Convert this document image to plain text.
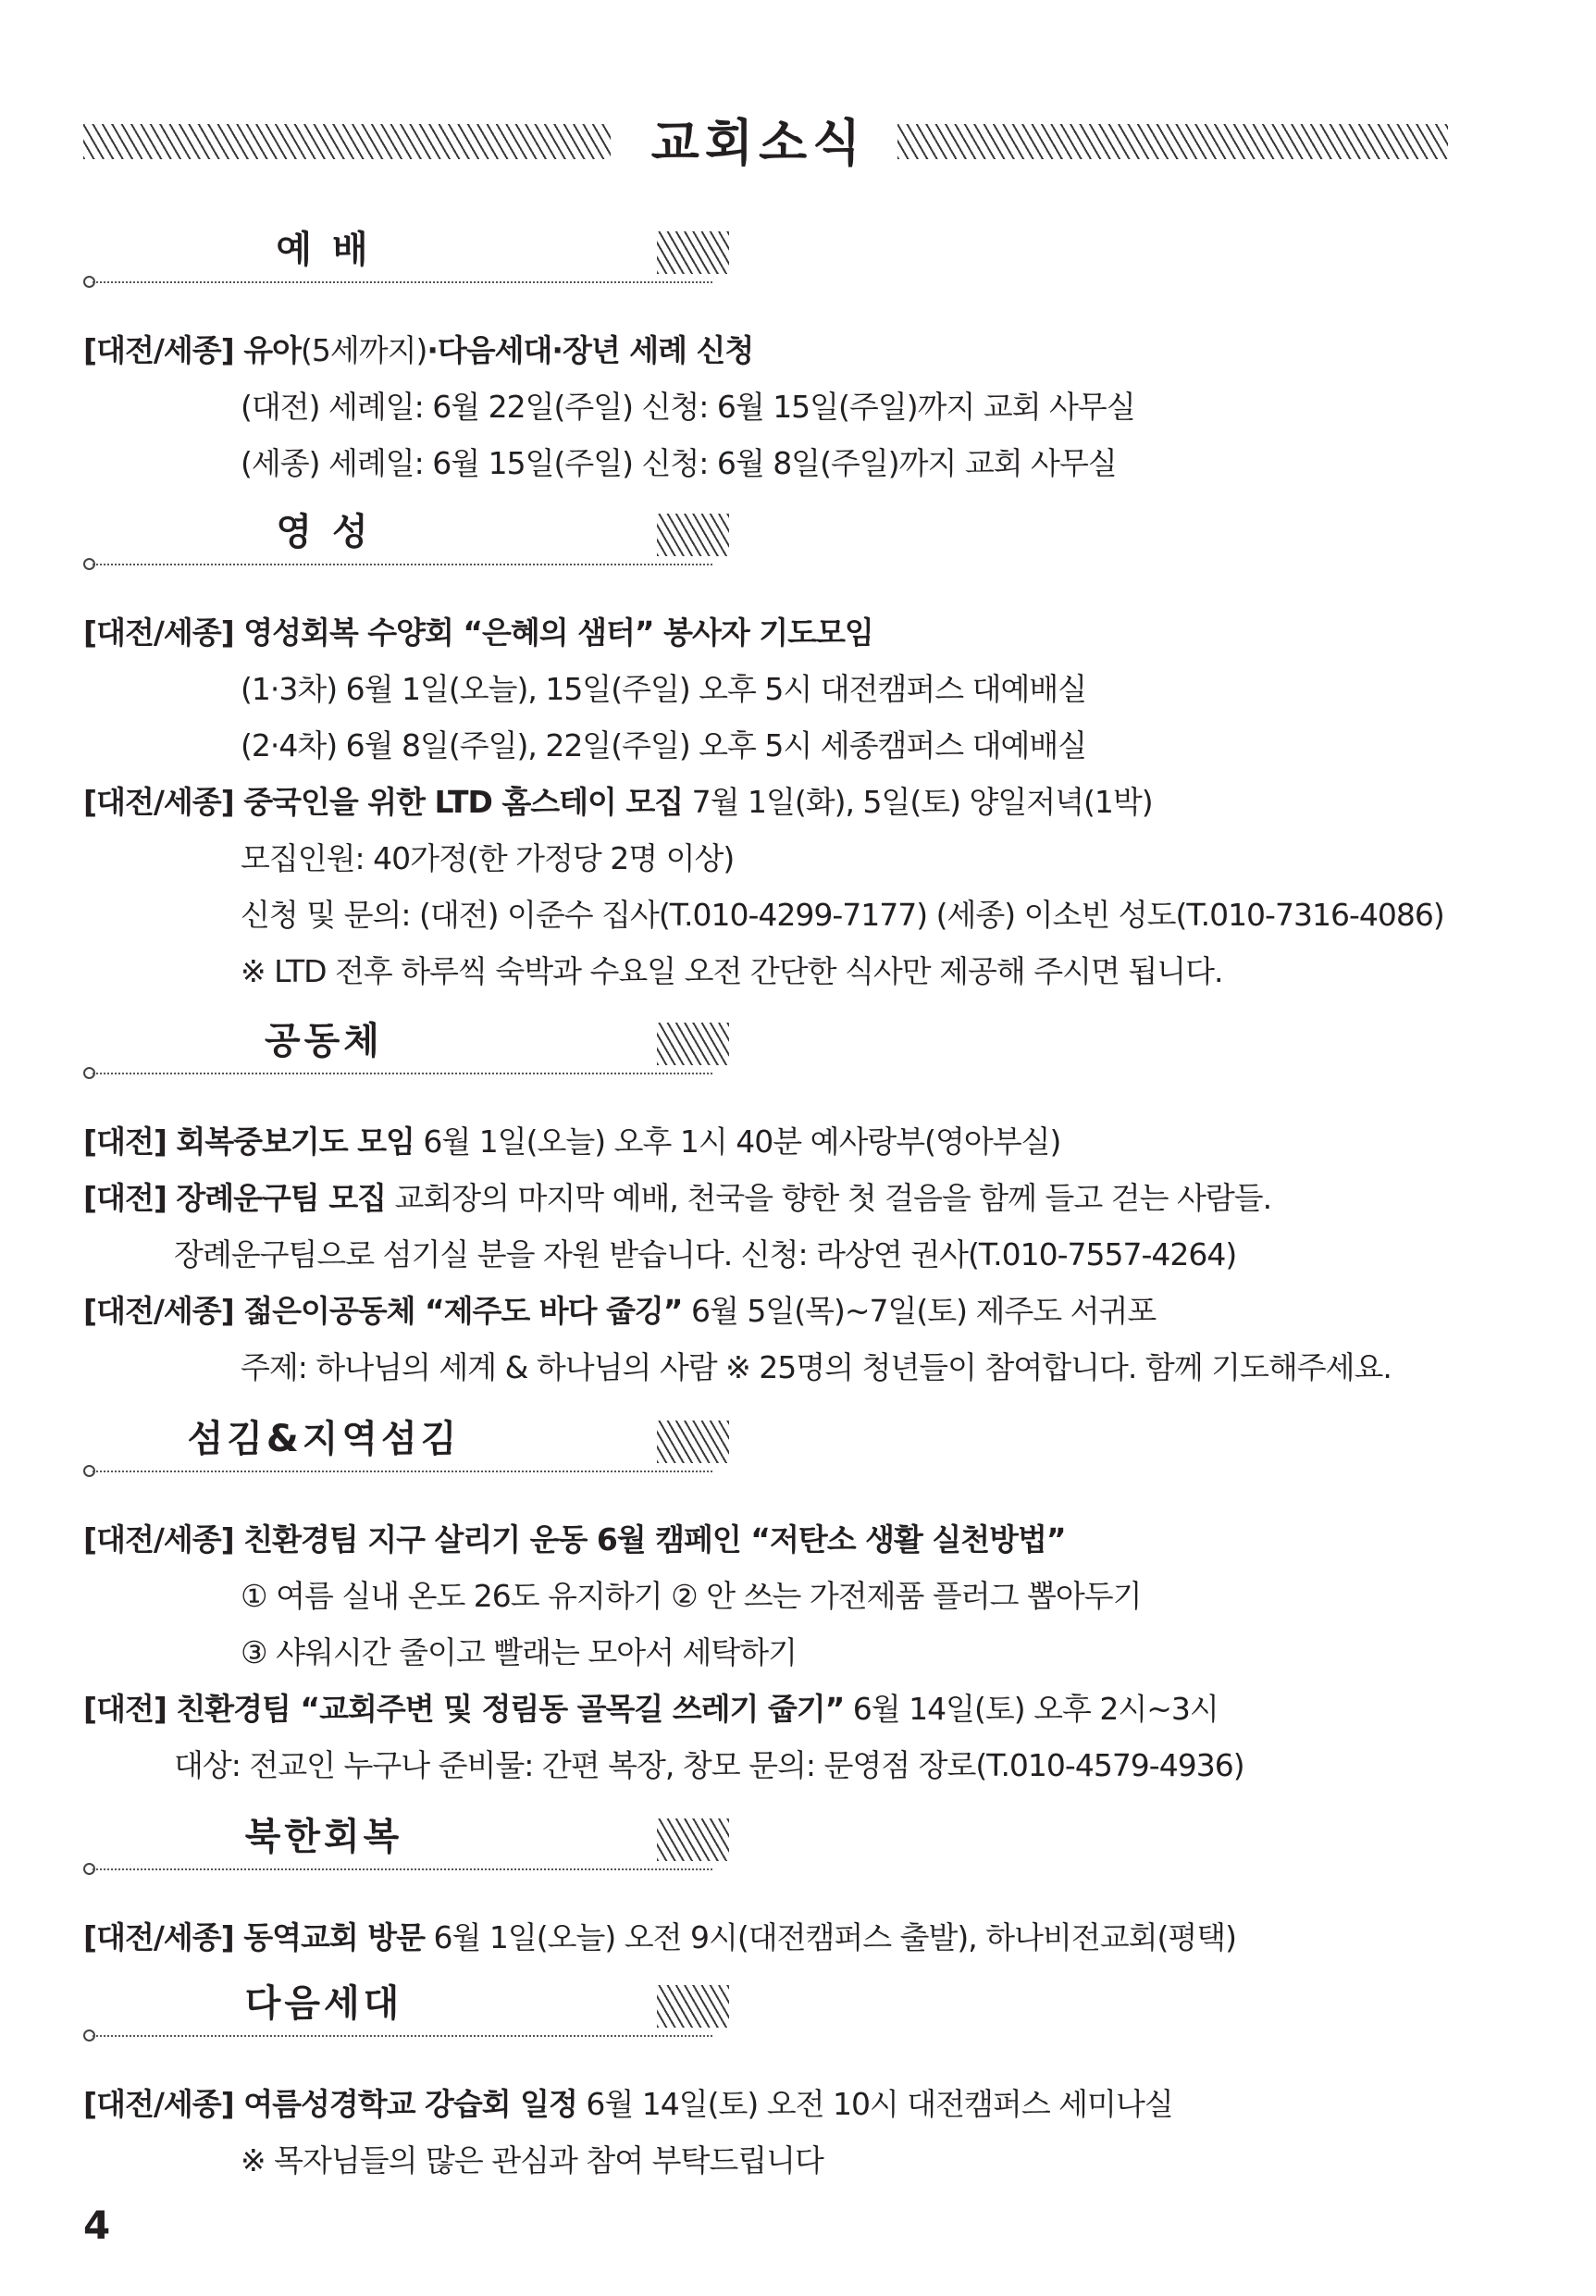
교회소식
예 배
[대전/세종] 유아(5세까지)·다음세대·장년 세례 신청
(대전) 세례일: 6월 22일(주일) 신청: 6월 15일(주일)까지 교회 사무실
(세종) 세례일: 6월 15일(주일) 신청: 6월 8일(주일)까지 교회 사무실
영 성
[대전/세종] 영성회복 수양회 “은혜의 샘터” 봉사자 기도모임
(1·3차) 6월 1일(오늘), 15일(주일) 오후 5시 대전캠퍼스 대예배실
(2·4차) 6월 8일(주일), 22일(주일) 오후 5시 세종캠퍼스 대예배실
[대전/세종] 중국인을 위한 LTD 홈스테이 모집 7월 1일(화), 5일(토) 양일저녁(1박)
모집인원: 40가정(한 가정당 2명 이상)
신청 및 문의: (대전) 이준수 집사(T.010-4299-7177) (세종) 이소빈 성도(T.010-7316-4086)
※ LTD 전후 하루씩 숙박과 수요일 오전 간단한 식사만 제공해 주시면 됩니다.
공동체
[대전] 회복중보기도 모임 6월 1일(오늘) 오후 1시 40분 예사랑부(영아부실)
[대전] 장례운구팀 모집 교회장의 마지막 예배, 천국을 향한 첫 걸음을 함께 들고 걷는 사람들.
장례운구팀으로 섬기실 분을 자원 받습니다. 신청: 라상연 권사(T.010-7557-4264)
[대전/세종] 젊은이공동체 “제주도 바다 줍깅” 6월 5일(목)~7일(토) 제주도 서귀포
주제: 하나님의 세계 & 하나님의 사람 ※ 25명의 청년들이 참여합니다. 함께 기도해주세요.
섬김&지역섬김
[대전/세종] 친환경팀 지구 살리기 운동 6월 캠페인 “저탄소 생활 실천방법”
① 여름 실내 온도 26도 유지하기 ② 안 쓰는 가전제품 플러그 뽑아두기
③ 샤워시간 줄이고 빨래는 모아서 세탁하기
[대전] 친환경팀 “교회주변 및 정림동 골목길 쓰레기 줍기” 6월 14일(토) 오후 2시~3시
대상: 전교인 누구나 준비물: 간편 복장, 창모 문의: 문영점 장로(T.010-4579-4936)
북한회복
[대전/세종] 동역교회 방문 6월 1일(오늘) 오전 9시(대전캠퍼스 출발), 하나비전교회(평택)
다음세대
[대전/세종] 여름성경학교 강습회 일정 6월 14일(토) 오전 10시 대전캠퍼스 세미나실
※ 목자님들의 많은 관심과 참여 부탁드립니다
4
